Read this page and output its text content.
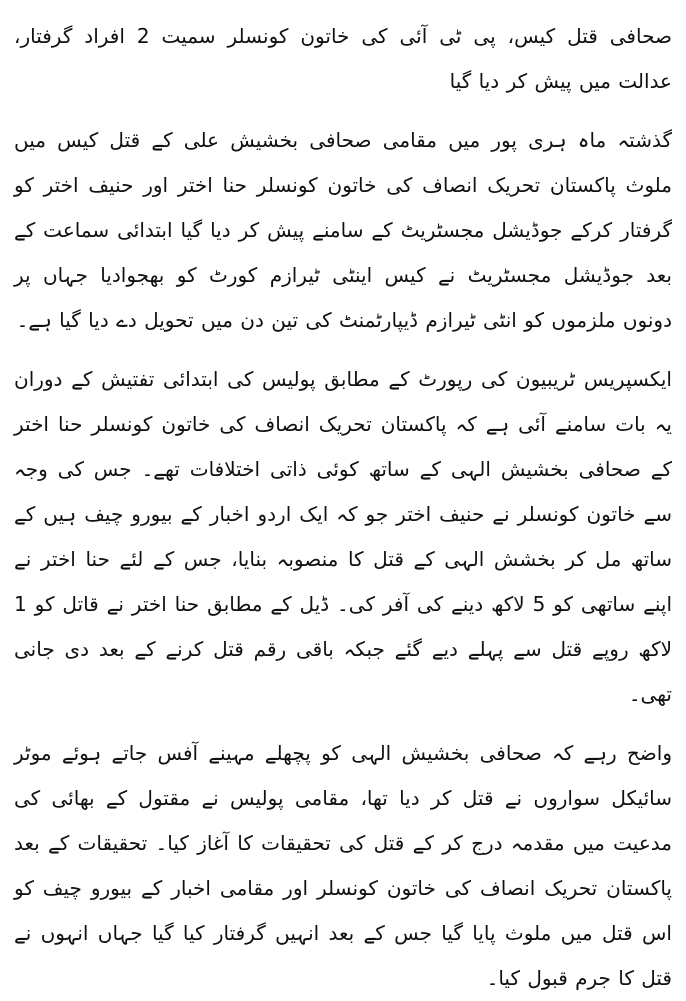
صحافی قتل کیس، پی ٹی آئی کی خاتون کونسلر سمیت 2 افراد گرفتار، عدالت میں پیش کر دیا گیا

گذشتہ ماہ ہری پور میں مقامی صحافی بخشیش علی کے قتل کیس میں ملوث پاکستان تحریک انصاف کی خاتون کونسلر حنا اختر اور حنیف اختر کو گرفتار کرکے جوڈیشل مجسٹریٹ کے سامنے پیش کر دیا گیا ابتدائی سماعت کے بعد جوڈیشل مجسٹریٹ نے کیس اینٹی ٹیرازم کورٹ کو بھجوادیا جہاں پر دونوں ملزموں کو انٹی ٹیرازم ڈیپارٹمنٹ کی تین دن میں تحویل دے دیا گیا ہے۔

ایکسپریس ٹریبیون کی رپورٹ کے مطابق پولیس کی ابتدائی تفتیش کے دوران یہ بات سامنے آئی ہے کہ پاکستان تحریک انصاف کی خاتون کونسلر حنا اختر کے صحافی بخشیش الہی کے ساتھ کوئی ذاتی اختلافات تھے۔ جس کی وجہ سے خاتون کونسلر نے حنیف اختر جو کہ ایک اردو اخبار کے بیورو چیف ہیں کے ساتھ مل کر بخشش الہی کے قتل کا منصوبہ بنایا، جس کے لئے حنا اختر نے اپنے ساتھی کو 5 لاکھ دینے کی آفر کی۔ ڈیل کے مطابق حنا اختر نے قاتل کو 1 لاکھ روپے قتل سے پہلے دیے گئے جبکہ باقی رقم قتل کرنے کے بعد دی جانی تھی۔

واضح رہے کہ صحافی بخشیش الہی کو پچھلے مہینے آفس جاتے ہوئے موٹر سائیکل سواروں نے قتل کر دیا تھا، مقامی پولیس نے مقتول کے بھائی کی مدعیت میں مقدمہ درج کر کے قتل کی تحقیقات کا آغاز کیا۔ تحقیقات کے بعد پاکستان تحریک انصاف کی خاتون کونسلر اور مقامی اخبار کے بیورو چیف کو اس قتل میں ملوث پایا گیا جس کے بعد انہیں گرفتار کیا گیا جہاں انہوں نے قتل کا جرم قبول کیا۔
